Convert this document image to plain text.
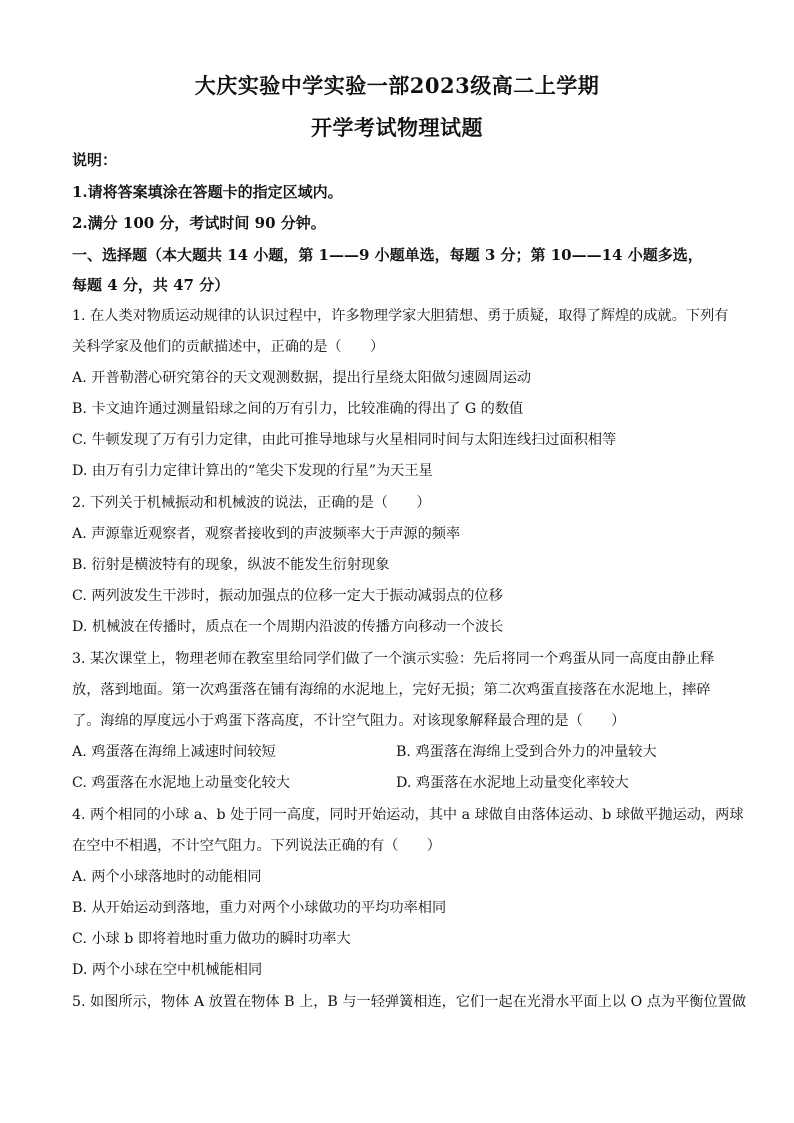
大庆实验中学实验一部2023级高二上学期
开学考试物理试题
说明：
1.请将答案填涂在答题卡的指定区域内。
2.满分 100 分，考试时间 90 分钟。
一、选择题（本大题共 14 小题，第 1——9 小题单选，每题 3 分；第 10——14 小题多选，
每题 4 分，共 47 分）
1. 在人类对物质运动规律的认识过程中，许多物理学家大胆猜想、勇于质疑，取得了辉煌的成就。下列有
关科学家及他们的贡献描述中，正确的是（　　）
A. 开普勒潜心研究第谷的天文观测数据，提出行星绕太阳做匀速圆周运动
B. 卡文迪许通过测量铅球之间的万有引力，比较准确的得出了 G 的数值
C. 牛顿发现了万有引力定律，由此可推导地球与火星相同时间与太阳连线扫过面积相等
D. 由万有引力定律计算出的“笔尖下发现的行星”为天王星
2. 下列关于机械振动和机械波的说法，正确的是（　　）
A. 声源靠近观察者，观察者接收到的声波频率大于声源的频率
B. 衍射是横波特有的现象，纵波不能发生衍射现象
C. 两列波发生干涉时，振动加强点的位移一定大于振动减弱点的位移
D. 机械波在传播时，质点在一个周期内沿波的传播方向移动一个波长
3. 某次课堂上，物理老师在教室里给同学们做了一个演示实验：先后将同一个鸡蛋从同一高度由静止释
放，落到地面。第一次鸡蛋落在铺有海绵的水泥地上，完好无损；第二次鸡蛋直接落在水泥地上，摔碎
了。海绵的厚度远小于鸡蛋下落高度，不计空气阻力。对该现象解释最合理的是（　　）
A. 鸡蛋落在海绵上减速时间较短	B. 鸡蛋落在海绵上受到合外力的冲量较大
C. 鸡蛋落在水泥地上动量变化较大	D. 鸡蛋落在水泥地上动量变化率较大
4. 两个相同的小球 a、b 处于同一高度，同时开始运动，其中 a 球做自由落体运动、b 球做平抛运动，两球
在空中不相遇，不计空气阻力。下列说法正确的有（　　）
A. 两个小球落地时的动能相同
B. 从开始运动到落地，重力对两个小球做功的平均功率相同
C. 小球 b 即将着地时重力做功的瞬时功率大
D. 两个小球在空中机械能相同
5. 如图所示，物体 A 放置在物体 B 上，B 与一轻弹簧相连，它们一起在光滑水平面上以 O 点为平衡位置做
